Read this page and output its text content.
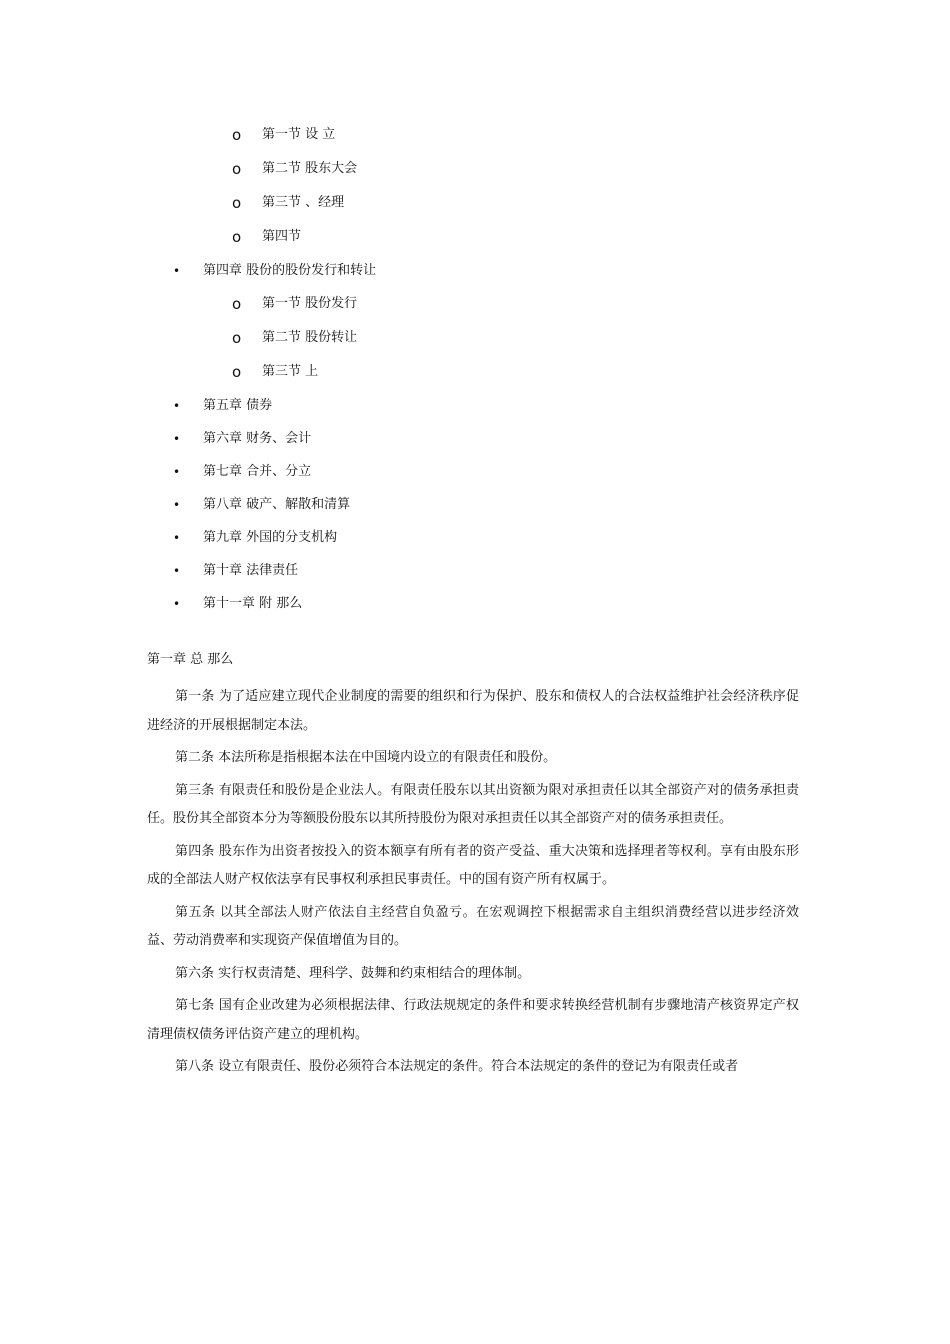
o	第一节 设 立
o	第二节 股东大会
o	第三节 、经理
o	第四节
•	第四章 股份的股份发行和转让
o	第一节 股份发行
o	第二节 股份转让
o	第三节 上
•	第五章 债券
•	第六章 财务、会计
•	第七章 合并、分立
•	第八章 破产、解散和清算
•	第九章 外国的分支机构
•	第十章 法律责任
•	第十一章 附 那么
第一章 总 那么

第一条 为了适应建立现代企业制度的需要的组织和行为保护、股东和债权人的合法权益维护社会经济秩序促进经济的开展根据制定本法。

第二条 本法所称是指根据本法在中国境内设立的有限责任和股份。

第三条 有限责任和股份是企业法人。有限责任股东以其出资额为限对承担责任以其全部资产对的债务承担责任。股份其全部资本分为等额股份股东以其所持股份为限对承担责任以其全部资产对的债务承担责任。

第四条 股东作为出资者按投入的资本额享有所有者的资产受益、重大决策和选择理者等权利。享有由股东形成的全部法人财产权依法享有民事权利承担民事责任。中的国有资产所有权属于。

第五条 以其全部法人财产依法自主经营自负盈亏。在宏观调控下根据需求自主组织消费经营以进步经济效益、劳动消费率和实现资产保值增值为目的。

第六条 实行权责清楚、理科学、鼓舞和约束相结合的理体制。

第七条 国有企业改建为必须根据法律、行政法规规定的条件和要求转换经营机制有步骤地清产核资界定产权清理债权债务评估资产建立的理机构。

第八条 设立有限责任、股份必须符合本法规定的条件。符合本法规定的条件的登记为有限责任或者
